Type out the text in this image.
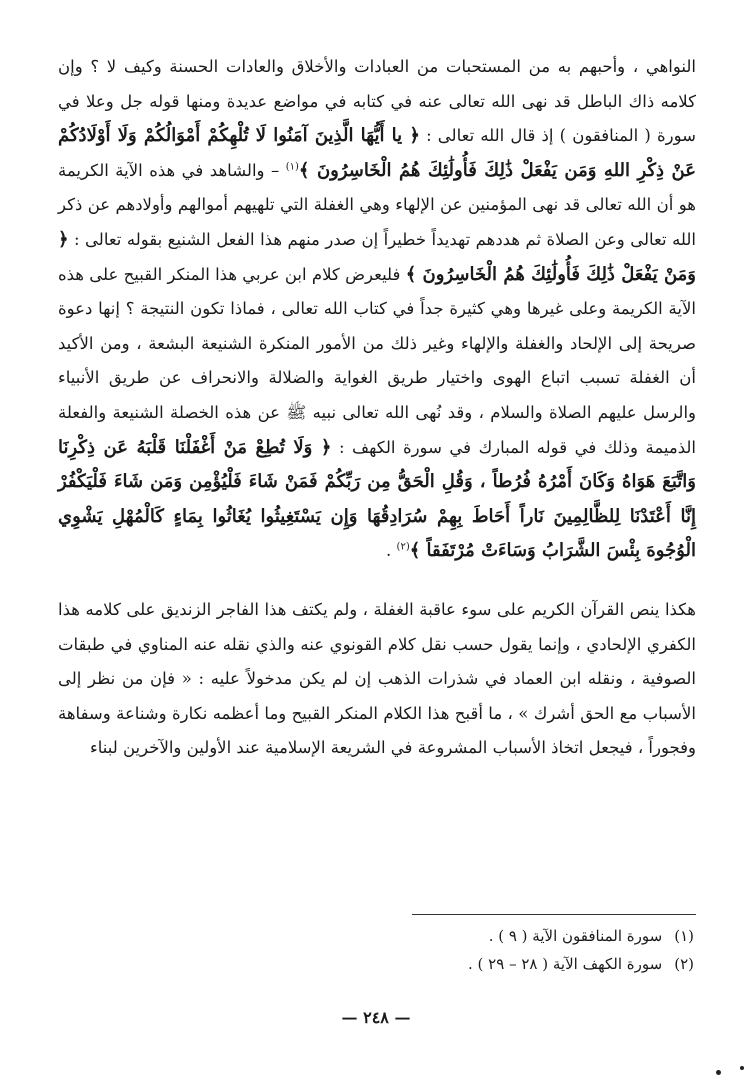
النواهي ، وأحبهم به من المستحبات من العبادات والأخلاق والعادات الحسنة وكيف لا ؟ وإن كلامه ذاك الباطل قد نهى الله تعالى عنه في كتابه في مواضع عديدة ومنها قوله جل وعلا في سورة ( المنافقون ) إذ قال الله تعالى : ﴿ يا أَيُّهَا الَّذِينَ آمَنُوا لَا تُلْهِكُمْ أَمْوَالُكُمْ وَلَا أَوْلَادُكُمْ عَنْ ذِكْرِ اللهِ وَمَن يَفْعَلْ ذَٰلِكَ فَأُولَٰئِكَ هُمُ الْخَاسِرُونَ ﴾$^{(١)}$ – والشاهد في هذه الآية الكريمة هو أن الله تعالى قد نهى المؤمنين عن الإلهاء وهي الغفلة التي تلهيهم أموالهم وأولادهم عن ذكر الله تعالى وعن الصلاة ثم هددهم تهديداً خطيراً إن صدر منهم هذا الفعل الشنيع بقوله تعالى : ﴿ وَمَنْ يَفْعَلْ ذَٰلِكَ فَأُولَٰئِكَ هُمُ الْخَاسِرُونَ ﴾ فليعرض كلام ابن عربي هذا المنكر القبيح على هذه الآية الكريمة وعلى غيرها وهي كثيرة جداً في كتاب الله تعالى ، فماذا تكون النتيجة ؟ إنها دعوة صريحة إلى الإلحاد والغفلة والإلهاء وغير ذلك من الأمور المنكرة الشنيعة البشعة ، ومن الأكيد أن الغفلة تسبب اتباع الهوى واختيار طريق الغواية والضلالة والانحراف عن طريق الأنبياء والرسل عليهم الصلاة والسلام ، وقد نُهى الله تعالى نبيه ﷺ عن هذه الخصلة الشنيعة والفعلة الذميمة وذلك في قوله المبارك في سورة الكهف : ﴿ وَلَا تُطِعْ مَنْ أَغْفَلْنَا قَلْبَهُ عَن ذِكْرِنَا وَاتَّبَعَ هَوَاهُ وَكَانَ أَمْرُهُ فُرُطاً ، وَقُلِ الْحَقُّ مِن رَبِّكُمْ فَمَنْ شَاءَ فَلْيُؤْمِن وَمَن شَاءَ فَلْيَكْفُرْ إِنَّا أَعْتَدْنَا لِلظَّالِمِينَ نَاراً أَحَاطَ بِهِمْ سُرَادِقُهَا وَإِن يَسْتَغِيثُوا يُغَاثُوا بِمَاءٍ كَالْمُهْلِ يَشْوِي الْوُجُوهَ بِئْسَ الشَّرَابُ وَسَاءَتْ مُرْتَفَقاً ﴾$^{(٢)}$ .

هكذا ينص القرآن الكريم على سوء عاقبة الغفلة ، ولم يكتف هذا الفاجر الزنديق على كلامه هذا الكفري الإلحادي ، وإنما يقول حسب نقل كلام القونوي عنه والذي نقله عنه المناوي في طبقات الصوفية ، ونقله ابن العماد في شذرات الذهب إن لم يكن مدخولاً عليه : « فإن من نظر إلى الأسباب مع الحق أشرك » ، ما أقبح هذا الكلام المنكر القبيح وما أعظمه نكارة وشناعة وسفاهة وفجوراً ، فيجعل اتخاذ الأسباب المشروعة في الشريعة الإسلامية عند الأولين والآخرين لبناء

(١)
سورة المنافقون الآية ( ٩ ) .
(٢)
سورة الكهف الآية ( ٢٨ – ٢٩ ) .
— ٢٤٨ —
